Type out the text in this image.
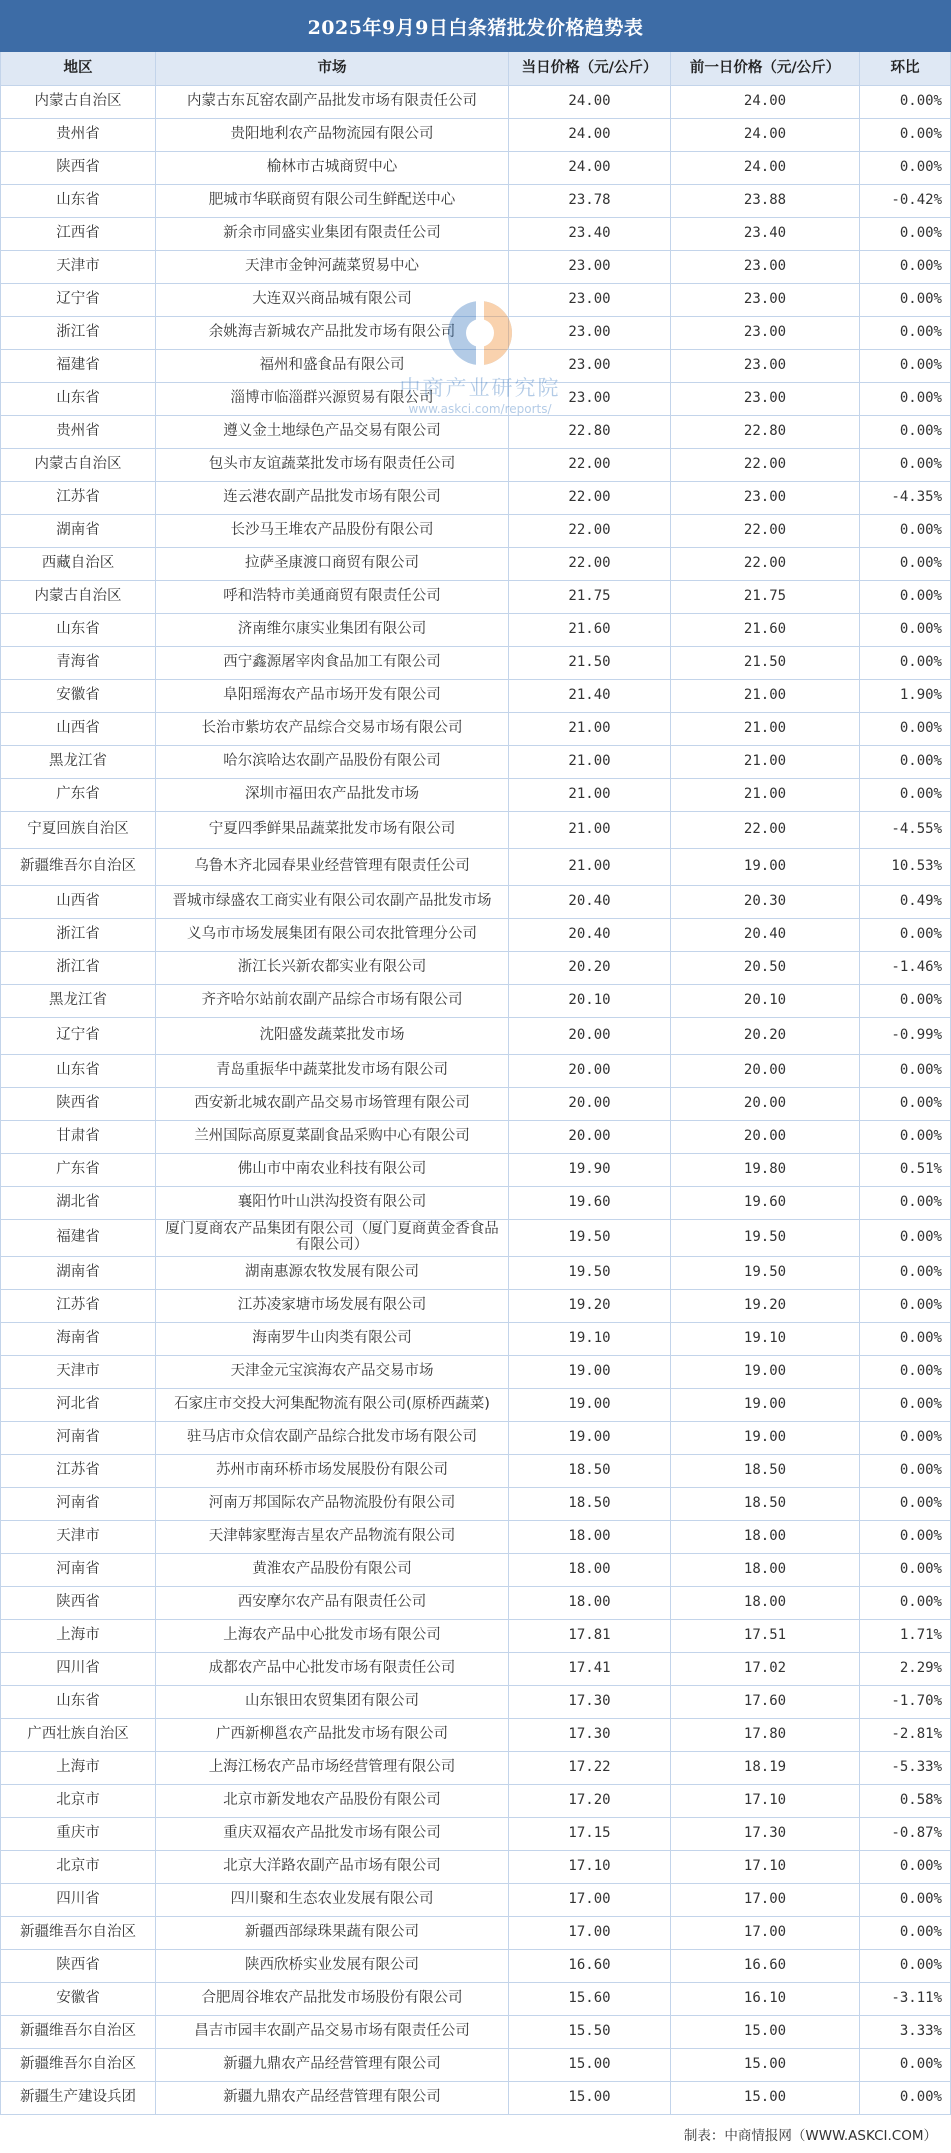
2025年9月9日白条猪批发价格趋势表
地区	市场	当日价格（元/公斤）	前一日价格（元/公斤）	环比
内蒙古自治区	内蒙古东瓦窑农副产品批发市场有限责任公司	24.00	24.00	0.00%
贵州省	贵阳地利农产品物流园有限公司	24.00	24.00	0.00%
陕西省	榆林市古城商贸中心	24.00	24.00	0.00%
山东省	肥城市华联商贸有限公司生鲜配送中心	23.78	23.88	-0.42%
江西省	新余市同盛实业集团有限责任公司	23.40	23.40	0.00%
天津市	天津市金钟河蔬菜贸易中心	23.00	23.00	0.00%
辽宁省	大连双兴商品城有限公司	23.00	23.00	0.00%
浙江省	余姚海吉新城农产品批发市场有限公司	23.00	23.00	0.00%
福建省	福州和盛食品有限公司	23.00	23.00	0.00%
山东省	淄博市临淄群兴源贸易有限公司	23.00	23.00	0.00%
贵州省	遵义金土地绿色产品交易有限公司	22.80	22.80	0.00%
内蒙古自治区	包头市友谊蔬菜批发市场有限责任公司	22.00	22.00	0.00%
江苏省	连云港农副产品批发市场有限公司	22.00	23.00	-4.35%
湖南省	长沙马王堆农产品股份有限公司	22.00	22.00	0.00%
西藏自治区	拉萨圣康渡口商贸有限公司	22.00	22.00	0.00%
内蒙古自治区	呼和浩特市美通商贸有限责任公司	21.75	21.75	0.00%
山东省	济南维尔康实业集团有限公司	21.60	21.60	0.00%
青海省	西宁鑫源屠宰肉食品加工有限公司	21.50	21.50	0.00%
安徽省	阜阳瑶海农产品市场开发有限公司	21.40	21.00	1.90%
山西省	长治市紫坊农产品综合交易市场有限公司	21.00	21.00	0.00%
黑龙江省	哈尔滨哈达农副产品股份有限公司	21.00	21.00	0.00%
广东省	深圳市福田农产品批发市场	21.00	21.00	0.00%
宁夏回族自治区	宁夏四季鲜果品蔬菜批发市场有限公司	21.00	22.00	-4.55%
新疆维吾尔自治区	乌鲁木齐北园春果业经营管理有限责任公司	21.00	19.00	10.53%
山西省	晋城市绿盛农工商实业有限公司农副产品批发市场	20.40	20.30	0.49%
浙江省	义乌市市场发展集团有限公司农批管理分公司	20.40	20.40	0.00%
浙江省	浙江长兴新农都实业有限公司	20.20	20.50	-1.46%
黑龙江省	齐齐哈尔站前农副产品综合市场有限公司	20.10	20.10	0.00%
辽宁省	沈阳盛发蔬菜批发市场	20.00	20.20	-0.99%
山东省	青岛重振华中蔬菜批发市场有限公司	20.00	20.00	0.00%
陕西省	西安新北城农副产品交易市场管理有限公司	20.00	20.00	0.00%
甘肃省	兰州国际高原夏菜副食品采购中心有限公司	20.00	20.00	0.00%
广东省	佛山市中南农业科技有限公司	19.90	19.80	0.51%
湖北省	襄阳竹叶山洪沟投资有限公司	19.60	19.60	0.00%
福建省	厦门夏商农产品集团有限公司（厦门夏商黄金香食品有限公司）	19.50	19.50	0.00%
湖南省	湖南惠源农牧发展有限公司	19.50	19.50	0.00%
江苏省	江苏凌家塘市场发展有限公司	19.20	19.20	0.00%
海南省	海南罗牛山肉类有限公司	19.10	19.10	0.00%
天津市	天津金元宝滨海农产品交易市场	19.00	19.00	0.00%
河北省	石家庄市交投大河集配物流有限公司(原桥西蔬菜)	19.00	19.00	0.00%
河南省	驻马店市众信农副产品综合批发市场有限公司	19.00	19.00	0.00%
江苏省	苏州市南环桥市场发展股份有限公司	18.50	18.50	0.00%
河南省	河南万邦国际农产品物流股份有限公司	18.50	18.50	0.00%
天津市	天津韩家墅海吉星农产品物流有限公司	18.00	18.00	0.00%
河南省	黄淮农产品股份有限公司	18.00	18.00	0.00%
陕西省	西安摩尔农产品有限责任公司	18.00	18.00	0.00%
上海市	上海农产品中心批发市场有限公司	17.81	17.51	1.71%
四川省	成都农产品中心批发市场有限责任公司	17.41	17.02	2.29%
山东省	山东银田农贸集团有限公司	17.30	17.60	-1.70%
广西壮族自治区	广西新柳邕农产品批发市场有限公司	17.30	17.80	-2.81%
上海市	上海江杨农产品市场经营管理有限公司	17.22	18.19	-5.33%
北京市	北京市新发地农产品股份有限公司	17.20	17.10	0.58%
重庆市	重庆双福农产品批发市场有限公司	17.15	17.30	-0.87%
北京市	北京大洋路农副产品市场有限公司	17.10	17.10	0.00%
四川省	四川聚和生态农业发展有限公司	17.00	17.00	0.00%
新疆维吾尔自治区	新疆西部绿珠果蔬有限公司	17.00	17.00	0.00%
陕西省	陕西欣桥实业发展有限公司	16.60	16.60	0.00%
安徽省	合肥周谷堆农产品批发市场股份有限公司	15.60	16.10	-3.11%
新疆维吾尔自治区	昌吉市园丰农副产品交易市场有限责任公司	15.50	15.00	3.33%
新疆维吾尔自治区	新疆九鼎农产品经营管理有限公司	15.00	15.00	0.00%
新疆生产建设兵团	新疆九鼎农产品经营管理有限公司	15.00	15.00	0.00%
中商产业研究院
www.askci.com/reports/
制表：中商情报网（WWW.ASKCI.COM）
